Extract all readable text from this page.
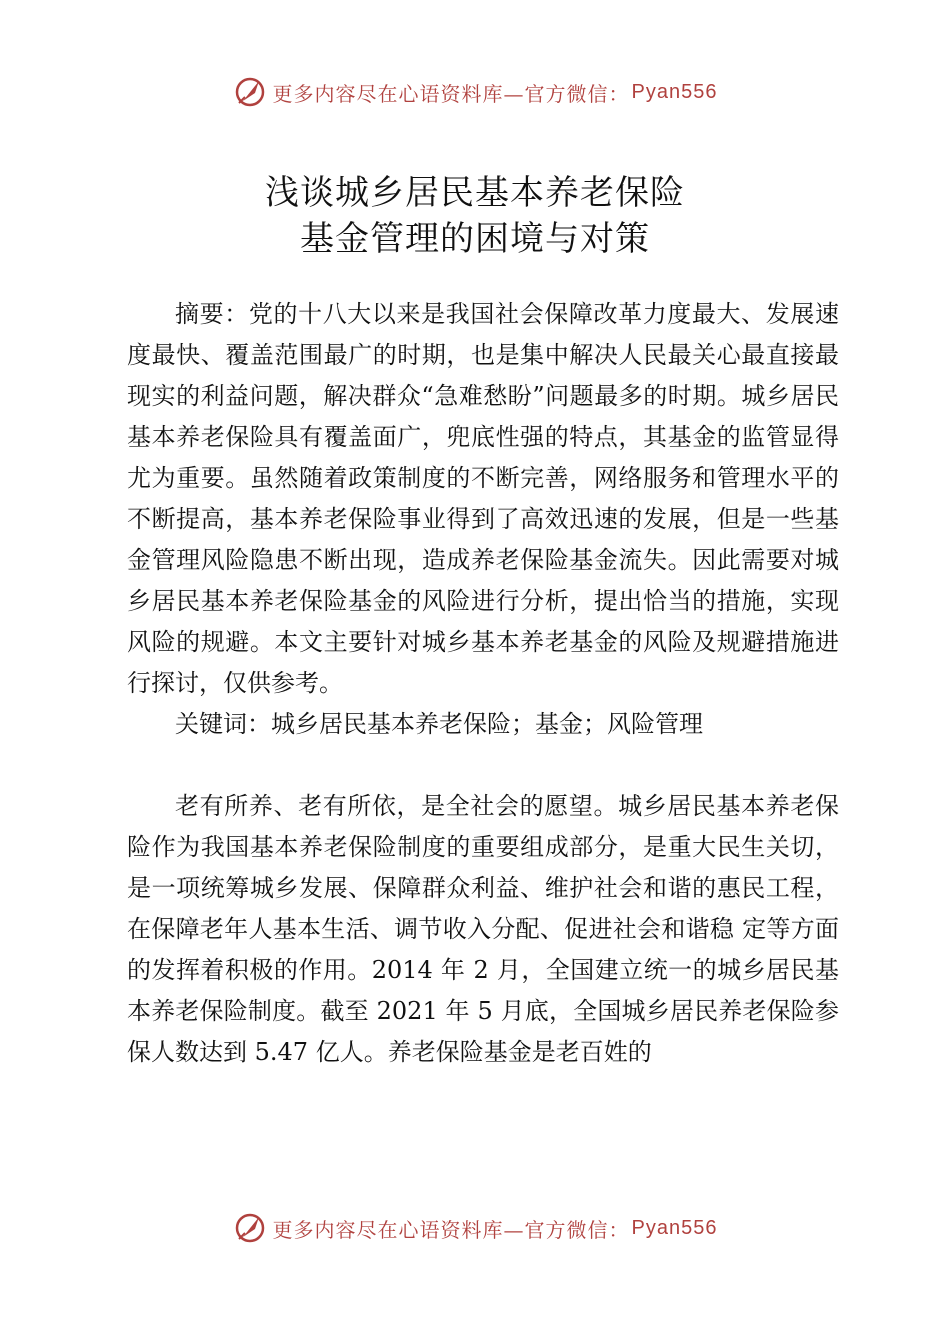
更多内容尽在心语资料库—官方微信： Pyan556
浅谈城乡居民基本养老保险
基金管理的困境与对策

摘要：党的十八大以来是我国社会保障改革力度最大、发展速度最快、覆盖范围最广的时期，也是集中解决人民最关心最直接最现实的利益问题，解决群众“急难愁盼”问题最多的时期。城乡居民基本养老保险具有覆盖面广，兜底性强的特点，其基金的监管显得尤为重要。虽然随着政策制度的不断完善，网络服务和管理水平的不断提高，基本养老保险事业得到了高效迅速的发展，但是一些基金管理风险隐患不断出现，造成养老保险基金流失。因此需要对城乡居民基本养老保险基金的风险进行分析，提出恰当的措施，实现风险的规避。本文主要针对城乡基本养老基金的风险及规避措施进行探讨，仅供参考。

关键词：城乡居民基本养老保险；基金；风险管理

老有所养、老有所依，是全社会的愿望。城乡居民基本养老保险作为我国基本养老保险制度的重要组成部分，是重大民生关切，是一项统筹城乡发展、保障群众利益、维护社会和谐的惠民工程，在保障老年人基本生活、调节收入分配、促进社会和谐稳 定等方面的发挥着积极的作用。2014 年 2 月，全国建立统一的城乡居民基本养老保险制度。截至 2021 年 5 月底，全国城乡居民养老保险参保人数达到 5.47 亿人。养老保险基金是老百姓的

更多内容尽在心语资料库—官方微信： Pyan556
